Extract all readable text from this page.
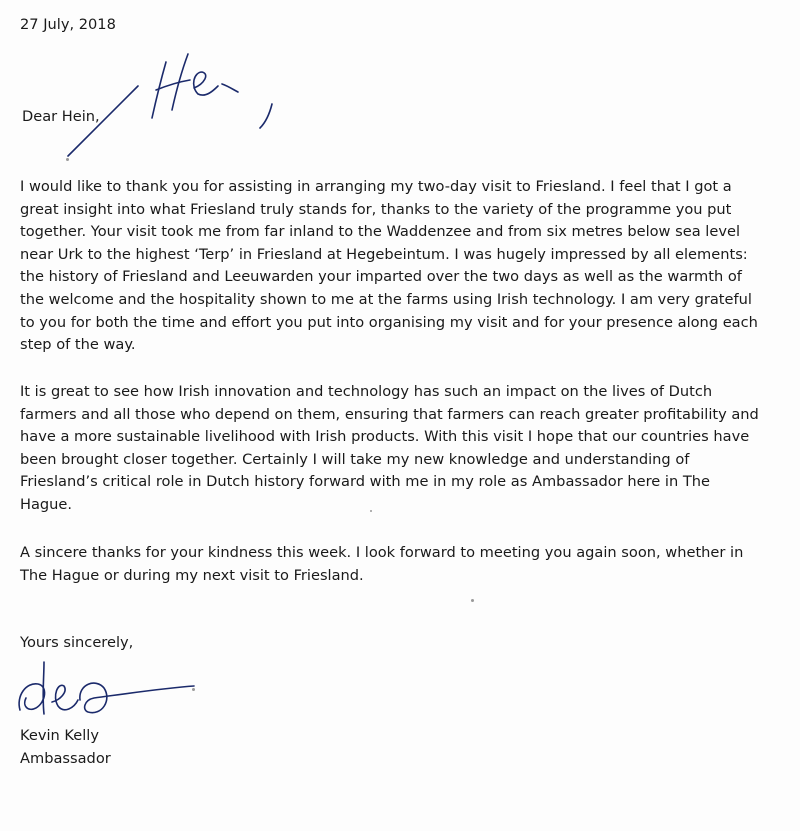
27 July, 2018
Dear Hein,
I would like to thank you for assisting in arranging my two-day visit to Friesland. I feel that I got a
great insight into what Friesland truly stands for, thanks to the variety of the programme you put
together. Your visit took me from far inland to the Waddenzee and from six metres below sea level
near Urk to the highest ‘Terp’ in Friesland at Hegebeintum. I was hugely impressed by all elements:
the history of Friesland and Leeuwarden your imparted over the two days as well as the warmth of
the welcome and the hospitality shown to me at the farms using Irish technology. I am very grateful
to you for both the time and effort you put into organising my visit and for your presence along each
step of the way.
It is great to see how Irish innovation and technology has such an impact on the lives of Dutch
farmers and all those who depend on them, ensuring that farmers can reach greater profitability and
have a more sustainable livelihood with Irish products. With this visit I hope that our countries have
been brought closer together. Certainly I will take my new knowledge and understanding of
Friesland’s critical role in Dutch history forward with me in my role as Ambassador here in The
Hague.
A sincere thanks for your kindness this week. I look forward to meeting you again soon, whether in
The Hague or during my next visit to Friesland.
Yours sincerely,
Kevin Kelly
Ambassador
